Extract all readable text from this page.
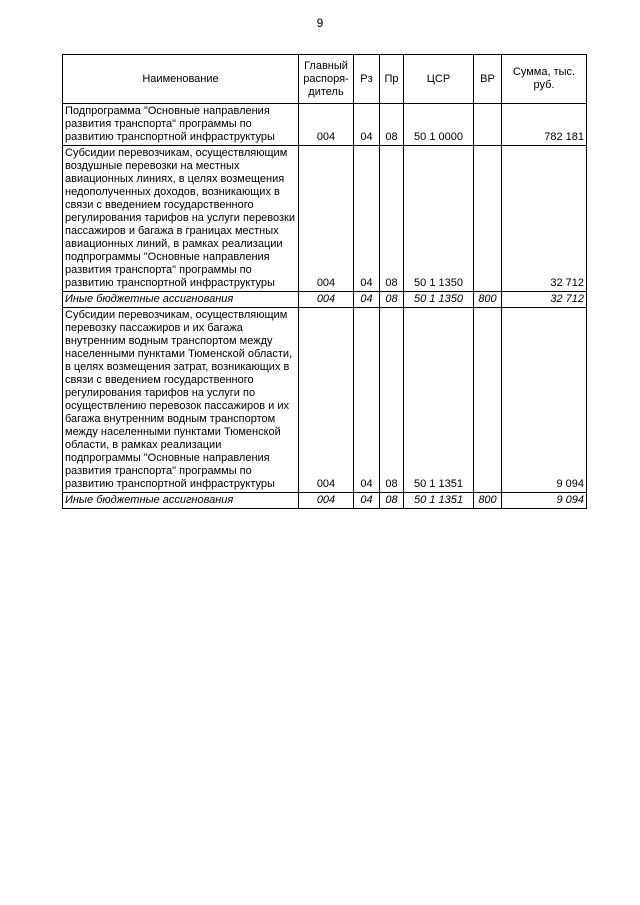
9
Наименование	Главный распоря-дитель	Рз	Пр	ЦСР	ВР	Сумма, тыс. руб.
Подпрограмма "Основные направления развития транспорта" программы по развитию транспортной инфраструктуры	004	04	08	50 1 0000		782 181
Субсидии перевозчикам, осуществляющим воздушные перевозки на местных авиационных линиях, в целях возмещения недополученных доходов, возникающих в связи с введением государственного регулирования тарифов на услуги перевозки пассажиров и багажа в границах местных авиационных линий, в рамках реализации подпрограммы "Основные направления развития транспорта" программы по развитию транспортной инфраструктуры	004	04	08	50 1 1350		32 712
Иные бюджетные ассигнования	004	04	08	50 1 1350	800	32 712
Субсидии перевозчикам, осуществляющим перевозку пассажиров и их багажа внутренним водным транспортом между населенными пунктами Тюменской области, в целях возмещения затрат, возникающих в связи с введением государственного регулирования тарифов на услуги по осуществлению перевозок пассажиров и их багажа внутренним водным транспортом между населенными пунктами Тюменской области, в рамках реализации подпрограммы "Основные направления развития транспорта" программы по развитию транспортной инфраструктуры	004	04	08	50 1 1351		9 094
Иные бюджетные ассигнования	004	04	08	50 1 1351	800	9 094
